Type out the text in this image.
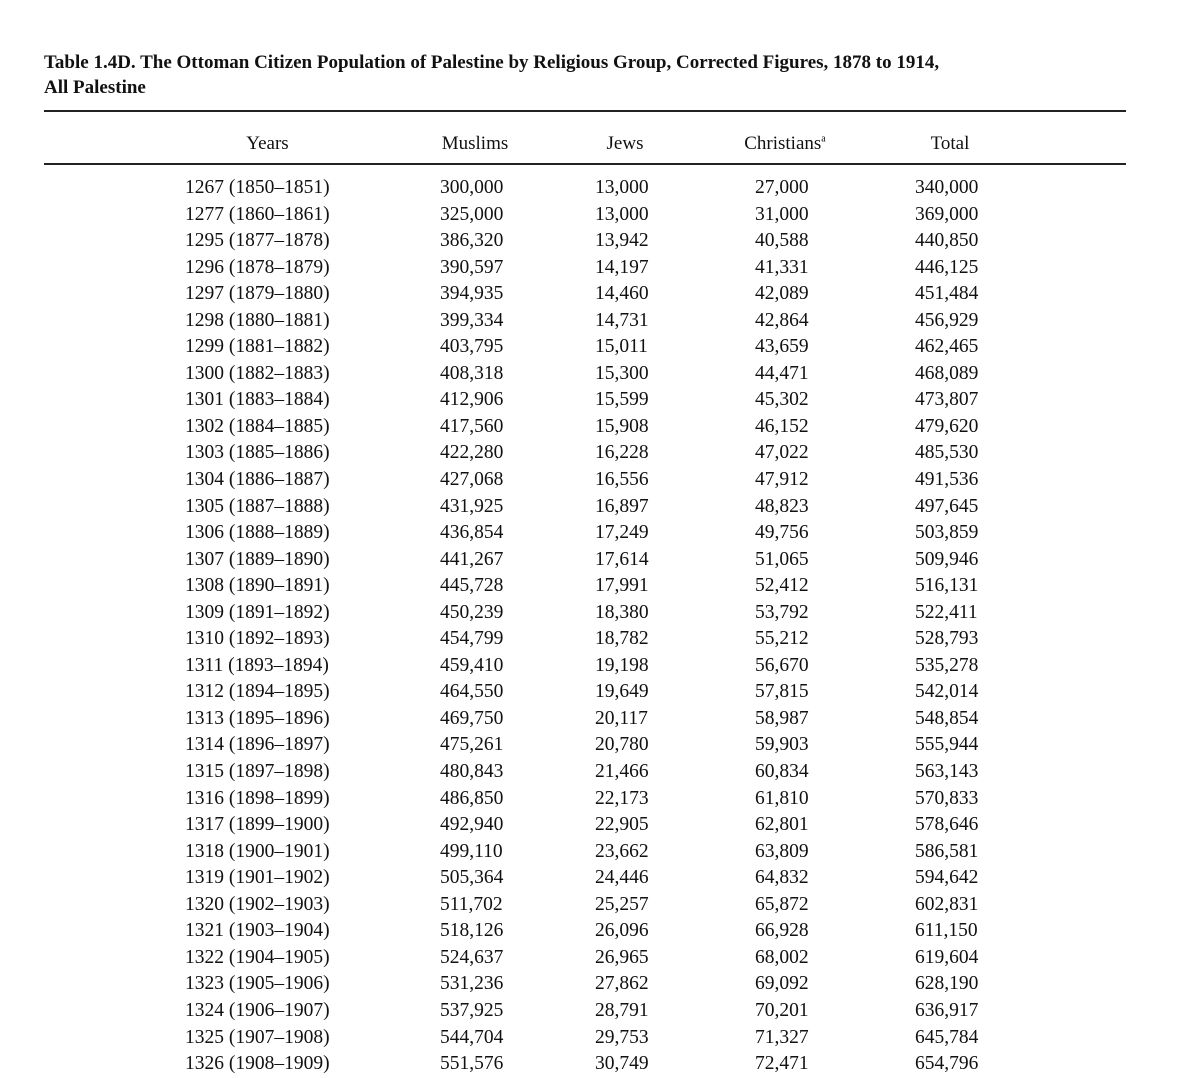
Table 1.4D. The Ottoman Citizen Population of Palestine by Religious Group, Corrected Figures, 1878 to 1914,
All Palestine
Years	Muslims	Jews	Christians$^a$	Total
1267 (1850–1851)	300,000	13,000	27,000	340,000
1277 (1860–1861)	325,000	13,000	31,000	369,000
1295 (1877–1878)	386,320	13,942	40,588	440,850
1296 (1878–1879)	390,597	14,197	41,331	446,125
1297 (1879–1880)	394,935	14,460	42,089	451,484
1298 (1880–1881)	399,334	14,731	42,864	456,929
1299 (1881–1882)	403,795	15,011	43,659	462,465
1300 (1882–1883)	408,318	15,300	44,471	468,089
1301 (1883–1884)	412,906	15,599	45,302	473,807
1302 (1884–1885)	417,560	15,908	46,152	479,620
1303 (1885–1886)	422,280	16,228	47,022	485,530
1304 (1886–1887)	427,068	16,556	47,912	491,536
1305 (1887–1888)	431,925	16,897	48,823	497,645
1306 (1888–1889)	436,854	17,249	49,756	503,859
1307 (1889–1890)	441,267	17,614	51,065	509,946
1308 (1890–1891)	445,728	17,991	52,412	516,131
1309 (1891–1892)	450,239	18,380	53,792	522,411
1310 (1892–1893)	454,799	18,782	55,212	528,793
1311 (1893–1894)	459,410	19,198	56,670	535,278
1312 (1894–1895)	464,550	19,649	57,815	542,014
1313 (1895–1896)	469,750	20,117	58,987	548,854
1314 (1896–1897)	475,261	20,780	59,903	555,944
1315 (1897–1898)	480,843	21,466	60,834	563,143
1316 (1898–1899)	486,850	22,173	61,810	570,833
1317 (1899–1900)	492,940	22,905	62,801	578,646
1318 (1900–1901)	499,110	23,662	63,809	586,581
1319 (1901–1902)	505,364	24,446	64,832	594,642
1320 (1902–1903)	511,702	25,257	65,872	602,831
1321 (1903–1904)	518,126	26,096	66,928	611,150
1322 (1904–1905)	524,637	26,965	68,002	619,604
1323 (1905–1906)	531,236	27,862	69,092	628,190
1324 (1906–1907)	537,925	28,791	70,201	636,917
1325 (1907–1908)	544,704	29,753	71,327	645,784
1326 (1908–1909)	551,576	30,749	72,471	654,796
